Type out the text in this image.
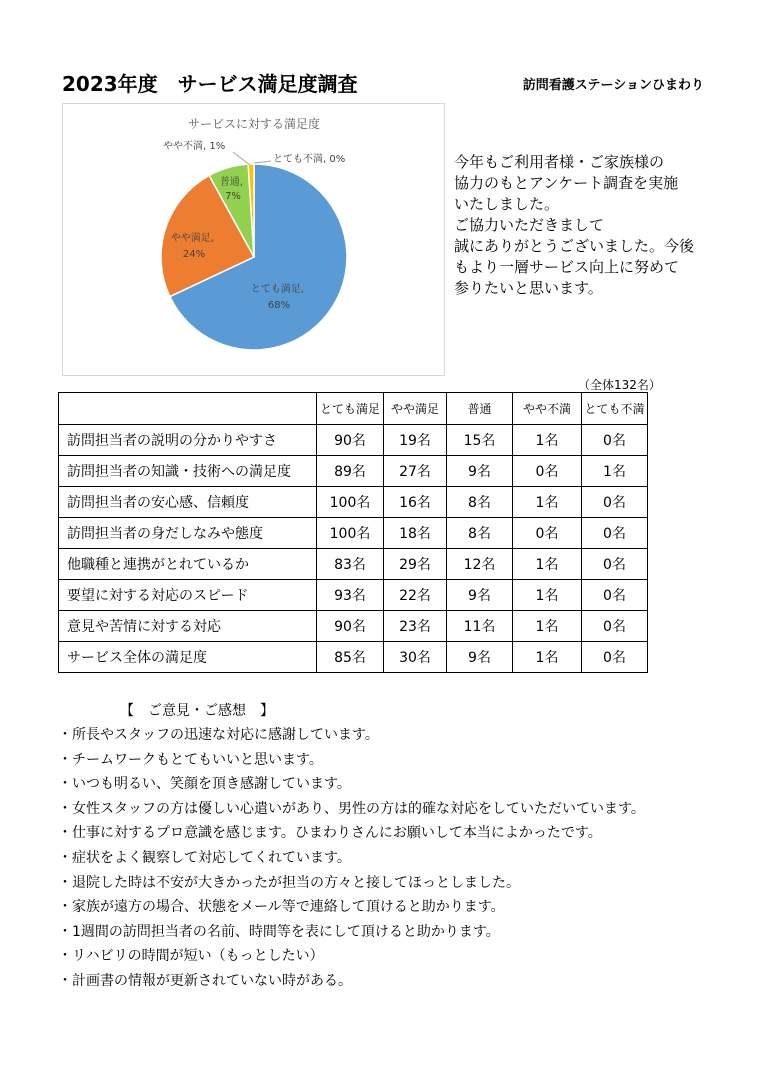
2023年度　サービス満足度調査	訪問看護ステーションひまわり
サービスに対する満足度
やや不満, 1%
とても不満, 0%
普通, 7%
やや満足, 24%
とても満足, 68%
今年もご利用者様・ご家族様の
協力のもとアンケート調査を実施
いたしました。
ご協力いただきまして
誠にありがとうございました。今後
もより一層サービス向上に努めて
参りたいと思います。
（全体132名）
	とても満足	やや満足	普通	やや不満	とても不満
訪問担当者の説明の分かりやすさ	90名	19名	15名	1名	0名
訪問担当者の知識・技術への満足度	89名	27名	9名	0名	1名
訪問担当者の安心感、信頼度	100名	16名	8名	1名	0名
訪問担当者の身だしなみや態度	100名	18名	8名	0名	0名
他職種と連携がとれているか	83名	29名	12名	1名	0名
要望に対する対応のスピード	93名	22名	9名	1名	0名
意見や苦情に対する対応	90名	23名	11名	1名	0名
サービス全体の満足度	85名	30名	9名	1名	0名
【　ご意見・ご感想　】
・所長やスタッフの迅速な対応に感謝しています。
・チームワークもとてもいいと思います。
・いつも明るい、笑顔を頂き感謝しています。
・女性スタッフの方は優しい心遣いがあり、男性の方は的確な対応をしていただいています。
・仕事に対するプロ意識を感じます。ひまわりさんにお願いして本当によかったです。
・症状をよく観察して対応してくれています。
・退院した時は不安が大きかったが担当の方々と接してほっとしました。
・家族が遠方の場合、状態をメール等で連絡して頂けると助かります。
・1週間の訪問担当者の名前、時間等を表にして頂けると助かります。
・リハビリの時間が短い（もっとしたい）
・計画書の情報が更新されていない時がある。
